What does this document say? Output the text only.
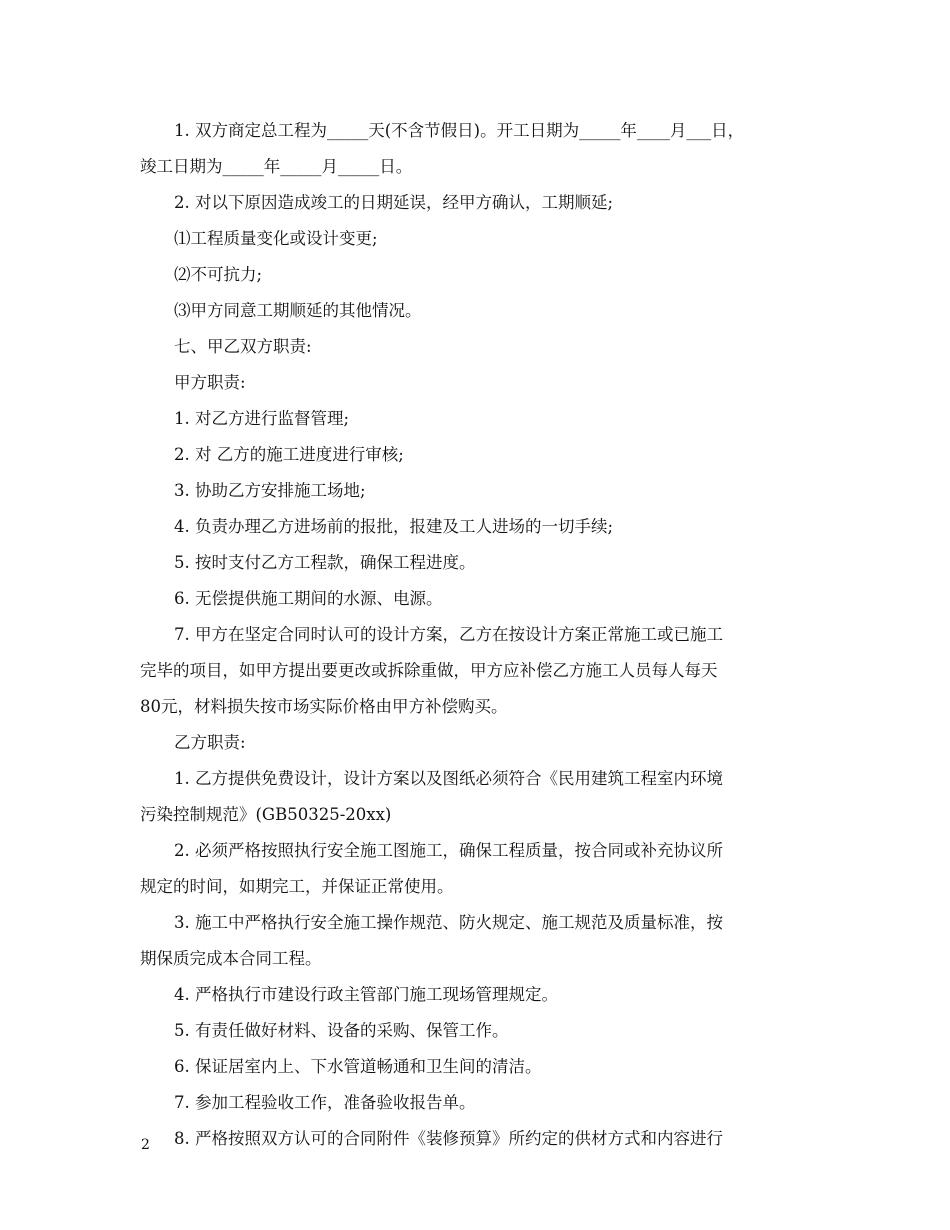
1. 双方商定总工程为_____天(不含节假日)。开工日期为_____年____月___日，
竣工日期为_____年_____月_____日。
2. 对以下原因造成竣工的日期延误，经甲方确认，工期顺延;
⑴工程质量变化或设计变更;
⑵不可抗力;
⑶甲方同意工期顺延的其他情况。
七、甲乙双方职责:
甲方职责:
1. 对乙方进行监督管理;
2. 对 乙方的施工进度进行审核;
3. 协助乙方安排施工场地;
4. 负责办理乙方进场前的报批，报建及工人进场的一切手续;
5. 按时支付乙方工程款，确保工程进度。
6. 无偿提供施工期间的水源、电源。
7. 甲方在坚定合同时认可的设计方案，乙方在按设计方案正常施工或已施工
完毕的项目，如甲方提出要更改或拆除重做，甲方应补偿乙方施工人员每人每天
80元，材料损失按市场实际价格由甲方补偿购买。
乙方职责:
1. 乙方提供免费设计，设计方案以及图纸必须符合《民用建筑工程室内环境
污染控制规范》(GB50325-20xx)
2. 必须严格按照执行安全施工图施工，确保工程质量，按合同或补充协议所
规定的时间，如期完工，并保证正常使用。
3. 施工中严格执行安全施工操作规范、防火规定、施工规范及质量标准，按
期保质完成本合同工程。
4. 严格执行市建设行政主管部门施工现场管理规定。
5. 有责任做好材料、设备的采购、保管工作。
6. 保证居室内上、下水管道畅通和卫生间的清洁。
7. 参加工程验收工作，准备验收报告单。
8. 严格按照双方认可的合同附件《装修预算》所约定的供材方式和内容进行
2
